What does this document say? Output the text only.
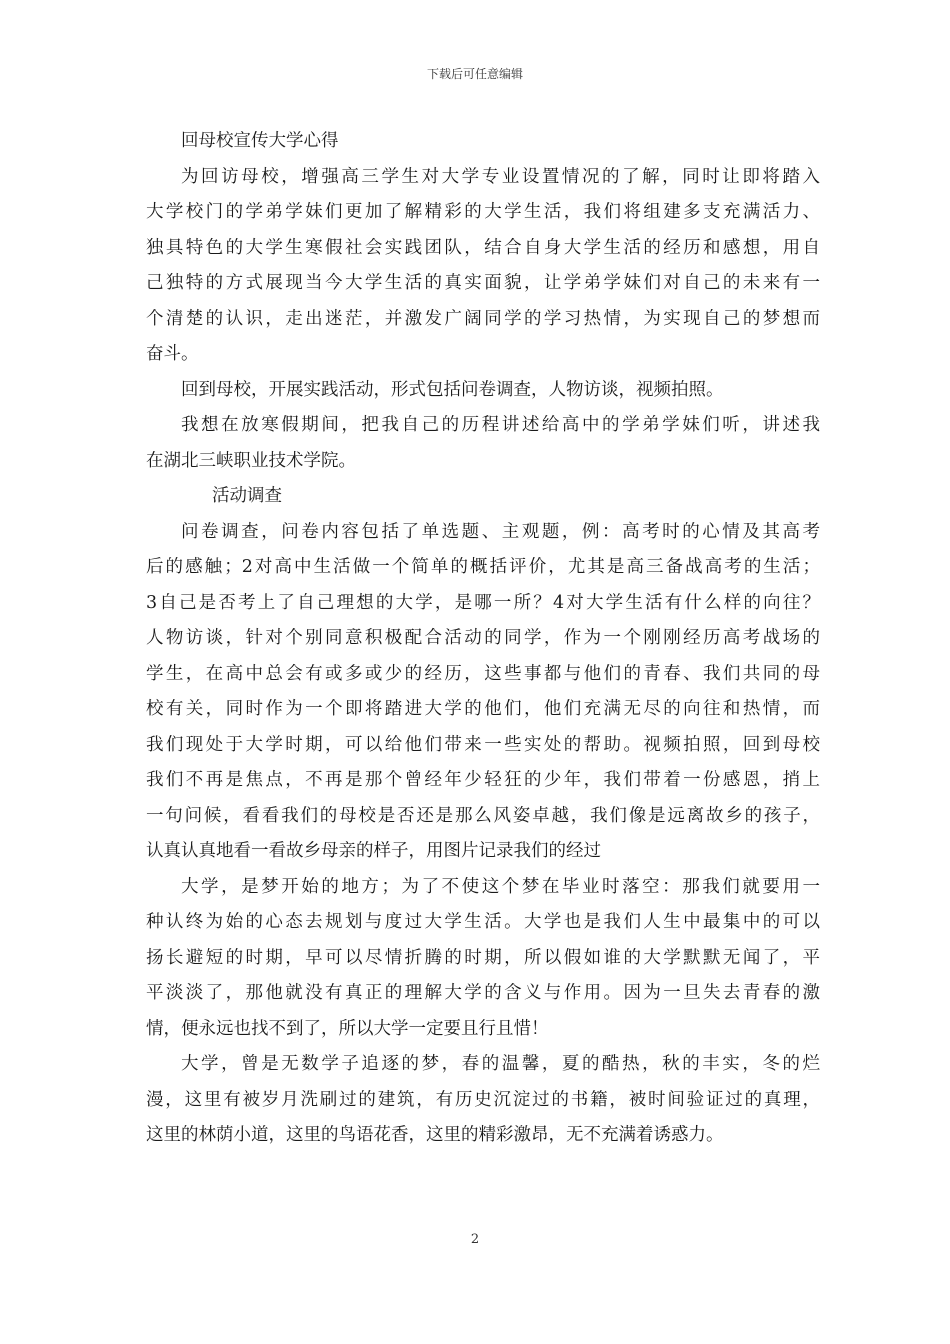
下载后可任意编辑
回母校宣传大学心得
为回访母校，增强高三学生对大学专业设置情况的了解，同时让即将踏入
大学校门的学弟学妹们更加了解精彩的大学生活，我们将组建多支充满活力、
独具特色的大学生寒假社会实践团队，结合自身大学生活的经历和感想，用自
己独特的方式展现当今大学生活的真实面貌，让学弟学妹们对自己的未来有一
个清楚的认识，走出迷茫，并激发广阔同学的学习热情，为实现自己的梦想而
奋斗。
回到母校，开展实践活动，形式包括问卷调查，人物访谈，视频拍照。
我想在放寒假期间，把我自己的历程讲述给高中的学弟学妹们听，讲述我
在湖北三峡职业技术学院。
活动调查
问卷调查，问卷内容包括了单选题、主观题，例：高考时的心情及其高考
后的感触；2对高中生活做一个简单的概括评价，尤其是高三备战高考的生活；
3自己是否考上了自己理想的大学，是哪一所？4对大学生活有什么样的向往？
人物访谈，针对个别同意积极配合活动的同学，作为一个刚刚经历高考战场的
学生，在高中总会有或多或少的经历，这些事都与他们的青春、我们共同的母
校有关，同时作为一个即将踏进大学的他们，他们充满无尽的向往和热情，而
我们现处于大学时期，可以给他们带来一些实处的帮助。视频拍照，回到母校
我们不再是焦点，不再是那个曾经年少轻狂的少年，我们带着一份感恩，捎上
一句问候，看看我们的母校是否还是那么风姿卓越，我们像是远离故乡的孩子，
认真认真地看一看故乡母亲的样子，用图片记录我们的经过
大学，是梦开始的地方；为了不使这个梦在毕业时落空：那我们就要用一
种认终为始的心态去规划与度过大学生活。大学也是我们人生中最集中的可以
扬长避短的时期，早可以尽情折腾的时期，所以假如谁的大学默默无闻了，平
平淡淡了，那他就没有真正的理解大学的含义与作用。因为一旦失去青春的激
情，便永远也找不到了，所以大学一定要且行且惜！
大学，曾是无数学子追逐的梦，春的温馨，夏的酷热，秋的丰实，冬的烂
漫，这里有被岁月洗刷过的建筑，有历史沉淀过的书籍，被时间验证过的真理，
这里的林荫小道，这里的鸟语花香，这里的精彩激昂，无不充满着诱惑力。
2
